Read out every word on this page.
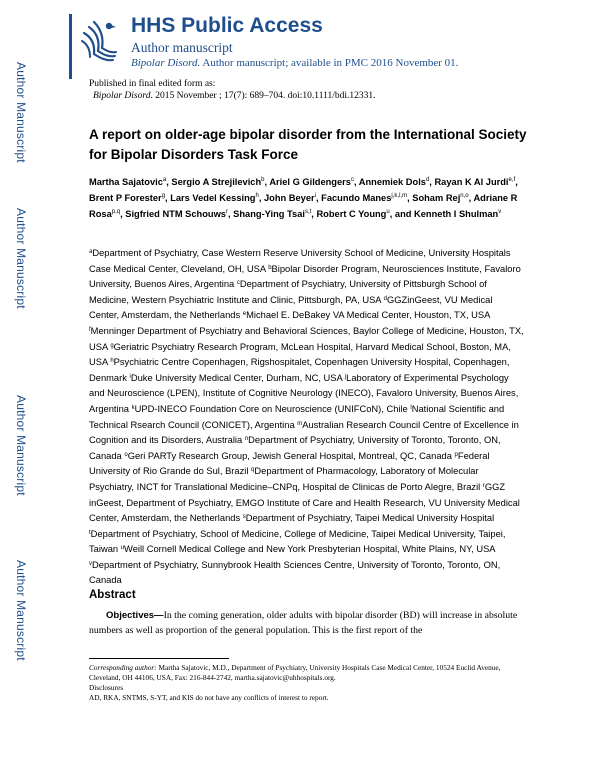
Author Manuscript
Author Manuscript
Author Manuscript
Author Manuscript
HHS Public Access
Author manuscript
Bipolar Disord. Author manuscript; available in PMC 2016 November 01.
Published in final edited form as:
Bipolar Disord. 2015 November ; 17(7): 689–704. doi:10.1111/bdi.12331.
A report on older-age bipolar disorder from the International Society for Bipolar Disorders Task Force
Martha Sajatovic$^a$, Sergio A Strejilevich$^b$, Ariel G Gildengers$^c$, Annemiek Dols$^d$, Rayan K Al Jurdi$^{e,f}$, Brent P Forester$^g$, Lars Vedel Kessing$^h$, John Beyer$^i$, Facundo Manes$^{j,k,l,m}$, Soham Rej$^{n,o}$, Adriane R Rosa$^{p,q}$, Sigfried NTM Schouws$^r$, Shang-Ying Tsai$^{s,t}$, Robert C Young$^u$, and Kenneth I Shulman$^v$
$^a$Department of Psychiatry, Case Western Reserve University School of Medicine, University Hospitals Case Medical Center, Cleveland, OH, USA $^b$Bipolar Disorder Program, Neurosciences Institute, Favaloro University, Buenos Aires, Argentina $^c$Department of Psychiatry, University of Pittsburgh School of Medicine, Western Psychiatric Institute and Clinic, Pittsburgh, PA, USA $^d$GGZinGeest, VU Medical Center, Amsterdam, the Netherlands $^e$Michael E. DeBakey VA Medical Center, Houston, TX, USA $^f$Menninger Department of Psychiatry and Behavioral Sciences, Baylor College of Medicine, Houston, TX, USA $^g$Geriatric Psychiatry Research Program, McLean Hospital, Harvard Medical School, Boston, MA, USA $^h$Psychiatric Centre Copenhagen, Rigshospitalet, Copenhagen University Hospital, Copenhagen, Denmark $^i$Duke University Medical Center, Durham, NC, USA $^j$Laboratory of Experimental Psychology and Neuroscience (LPEN), Institute of Cognitive Neurology (INECO), Favaloro University, Buenos Aires, Argentina $^k$UPD-INECO Foundation Core on Neuroscience (UNIFCoN), Chile $^l$National Scientific and Technical Rsearch Council (CONICET), Argentina $^m$Australian Research Council Centre of Excellence in Cognition and its Disorders, Australia $^n$Department of Psychiatry, University of Toronto, Toronto, ON, Canada $^o$Geri PARTy Research Group, Jewish General Hospital, Montreal, QC, Canada $^p$Federal University of Rio Grande do Sul, Brazil $^q$Department of Pharmacology, Laboratory of Molecular Psychiatry, INCT for Translational Medicine–CNPq, Hospital de Clinicas de Porto Alegre, Brazil $^r$GGZ inGeest, Department of Psychiatry, EMGO Institute of Care and Health Research, VU University Medical Center, Amsterdam, the Netherlands $^s$Department of Psychiatry, Taipei Medical University Hospital $^t$Department of Psychiatry, School of Medicine, College of Medicine, Taipei Medical University, Taipei, Taiwan $^u$Weill Cornell Medical College and New York Presbyterian Hospital, White Plains, NY, USA $^v$Department of Psychiatry, Sunnybrook Health Sciences Centre, University of Toronto, Toronto, ON, Canada
Abstract

Objectives—In the coming generation, older adults with bipolar disorder (BD) will increase in absolute numbers as well as proportion of the general population. This is the first report of the

Corresponding author: Martha Sajatovic, M.D., Department of Psychiatry, University Hospitals Case Medical Center, 10524 Euclid Avenue, Cleveland, OH 44106, USA, Fax: 216-844-2742, martha.sajatovic@uhhospitals.org.
Disclosures
AD, RKA, SNTMS, S-YT, and KIS do not have any conflicts of interest to report.
